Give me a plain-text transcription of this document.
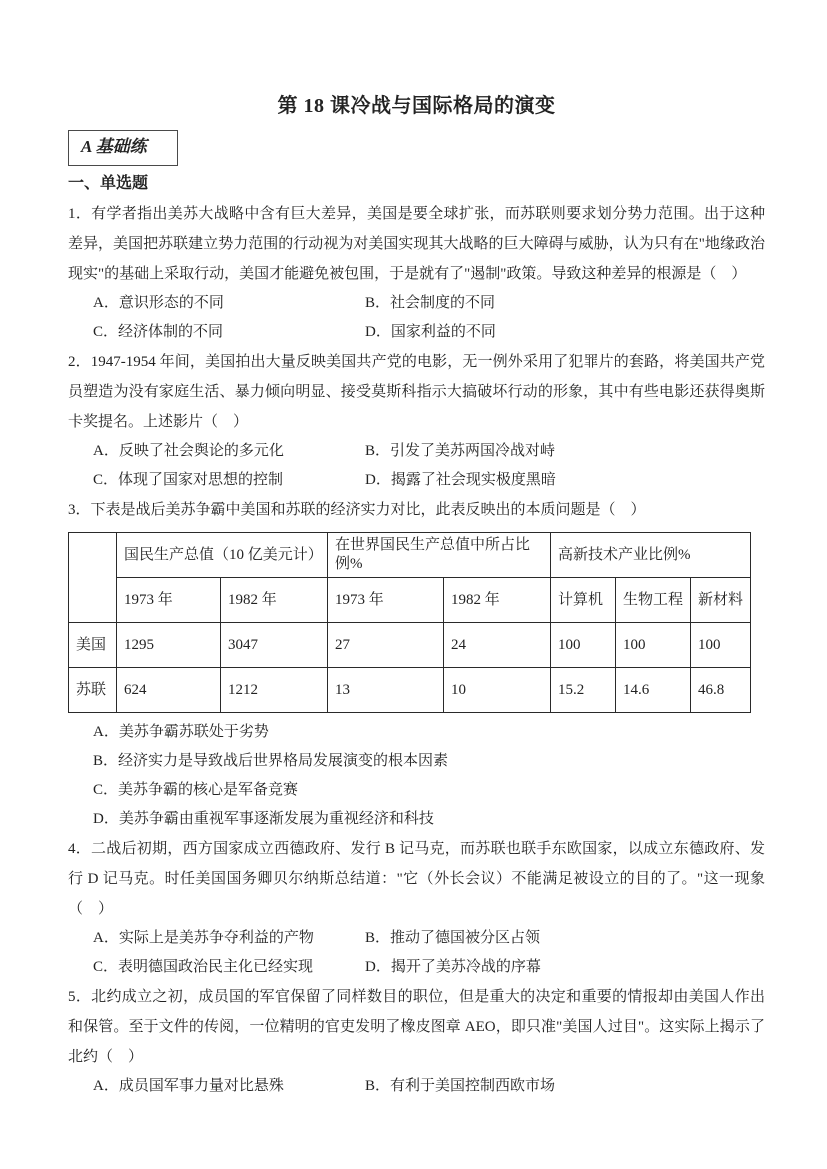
第 18 课冷战与国际格局的演变
A 基础练
一、单选题
1．有学者指出美苏大战略中含有巨大差异，美国是要全球扩张，而苏联则要求划分势力范围。出于这种差异，美国把苏联建立势力范围的行动视为对美国实现其大战略的巨大障碍与威胁，认为只有在"地缘政治现实"的基础上采取行动，美国才能避免被包围，于是就有了"遏制"政策。导致这种差异的根源是（　）
A．意识形态的不同	B．社会制度的不同
C．经济体制的不同	D．国家利益的不同
2．1947-1954 年间，美国拍出大量反映美国共产党的电影，无一例外采用了犯罪片的套路，将美国共产党员塑造为没有家庭生活、暴力倾向明显、接受莫斯科指示大搞破坏行动的形象，其中有些电影还获得奥斯卡奖提名。上述影片（　）
A．反映了社会舆论的多元化	B．引发了美苏两国冷战对峙
C．体现了国家对思想的控制	D．揭露了社会现实极度黑暗
3．下表是战后美苏争霸中美国和苏联的经济实力对比，此表反映出的本质问题是（　）
	国民生产总值（10 亿美元计）		在世界国民生产总值中所占比例%		高新技术产业比例%		
	1973 年	1982 年	1973 年	1982 年	计算机	生物工程	新材料
美国	1295	3047	27	24	100	100	100
苏联	624	1212	13	10	15.2	14.6	46.8
A．美苏争霸苏联处于劣势
B．经济实力是导致战后世界格局发展演变的根本因素
C．美苏争霸的核心是军备竞赛
D．美苏争霸由重视军事逐渐发展为重视经济和科技
4．二战后初期，西方国家成立西德政府、发行 B 记马克，而苏联也联手东欧国家，以成立东德政府、发行 D 记马克。时任美国国务卿贝尔纳斯总结道："它（外长会议）不能满足被设立的目的了。"这一现象（　）
A．实际上是美苏争夺利益的产物	B．推动了德国被分区占领
C．表明德国政治民主化已经实现	D．揭开了美苏冷战的序幕
5．北约成立之初，成员国的军官保留了同样数目的职位，但是重大的决定和重要的情报却由美国人作出和保管。至于文件的传阅，一位精明的官吏发明了橡皮图章 AEO，即只准"美国人过目"。这实际上揭示了北约（　）
A．成员国军事力量对比悬殊	B．有利于美国控制西欧市场
